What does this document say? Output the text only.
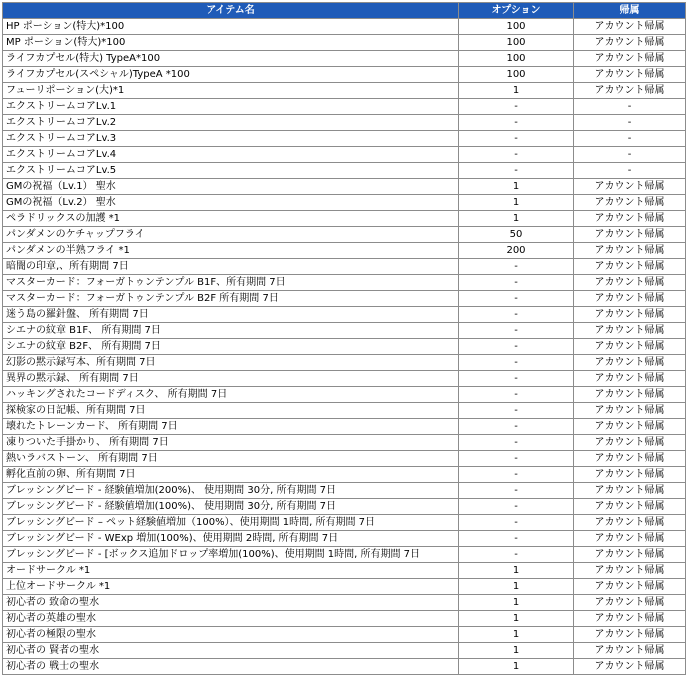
アイテム名	オプション	帰属
HP ポーション(特大)*100	100	アカウント帰属
MP ポーション(特大)*100	100	アカウント帰属
ライフカプセル(特大) TypeA*100	100	アカウント帰属
ライフカプセル(スペシャル)TypeA *100	100	アカウント帰属
フューリポーション(大)*1	1	アカウント帰属
エクストリームコアLv.1	-	-
エクストリームコアLv.2	-	-
エクストリームコアLv.3	-	-
エクストリームコアLv.4	-	-
エクストリームコアLv.5	-	-
GMの祝福（Lv.1） 聖水	1	アカウント帰属
GMの祝福（Lv.2） 聖水	1	アカウント帰属
ペラドリックスの加護 *1	1	アカウント帰属
パンダメンのケチャップフライ	50	アカウント帰属
パンダメンの半熟フライ *1	200	アカウント帰属
暗闇の印章,、所有期間 7日	-	アカウント帰属
マスターカード：フォーガトゥンテンプル B1F、所有期間 7日	-	アカウント帰属
マスターカード：フォーガトゥンテンプル B2F 所有期間 7日	-	アカウント帰属
迷う島の羅針盤、 所有期間 7日	-	アカウント帰属
シエナの紋章 B1F、 所有期間 7日	-	アカウント帰属
シエナの紋章 B2F、 所有期間 7日	-	アカウント帰属
幻影の黙示録写本、所有期間 7日	-	アカウント帰属
異界の黙示録、 所有期間 7日	-	アカウント帰属
ハッキングされたコードディスク、 所有期間 7日	-	アカウント帰属
探検家の日記帳、所有期間 7日	-	アカウント帰属
壊れたトレーンカード、 所有期間 7日	-	アカウント帰属
凍りついた手掛かり、 所有期間 7日	-	アカウント帰属
熱いラバストーン、 所有期間 7日	-	アカウント帰属
孵化直前の卵、所有期間 7日	-	アカウント帰属
ブレッシングビード - 経験値増加(200%)、 使用期間 30分, 所有期間 7日	-	アカウント帰属
ブレッシングビード - 経験値増加(100%)、 使用期間 30分, 所有期間 7日	-	アカウント帰属
ブレッシングビード – ペット経験値増加（100%）、使用期間 1時間, 所有期間 7日	-	アカウント帰属
ブレッシングビード - WExp 増加(100%)、使用期間 2時間, 所有期間 7日	-	アカウント帰属
ブレッシングビード - [ボックス追加ドロップ率増加(100%)、使用期間 1時間, 所有期間 7日	-	アカウント帰属
オードサークル *1	1	アカウント帰属
上位オードサークル *1	1	アカウント帰属
初心者の 致命の聖水	1	アカウント帰属
初心者の英雄の聖水	1	アカウント帰属
初心者の極限の聖水	1	アカウント帰属
初心者の 賢者の聖水	1	アカウント帰属
初心者の 戦士の聖水	1	アカウント帰属
